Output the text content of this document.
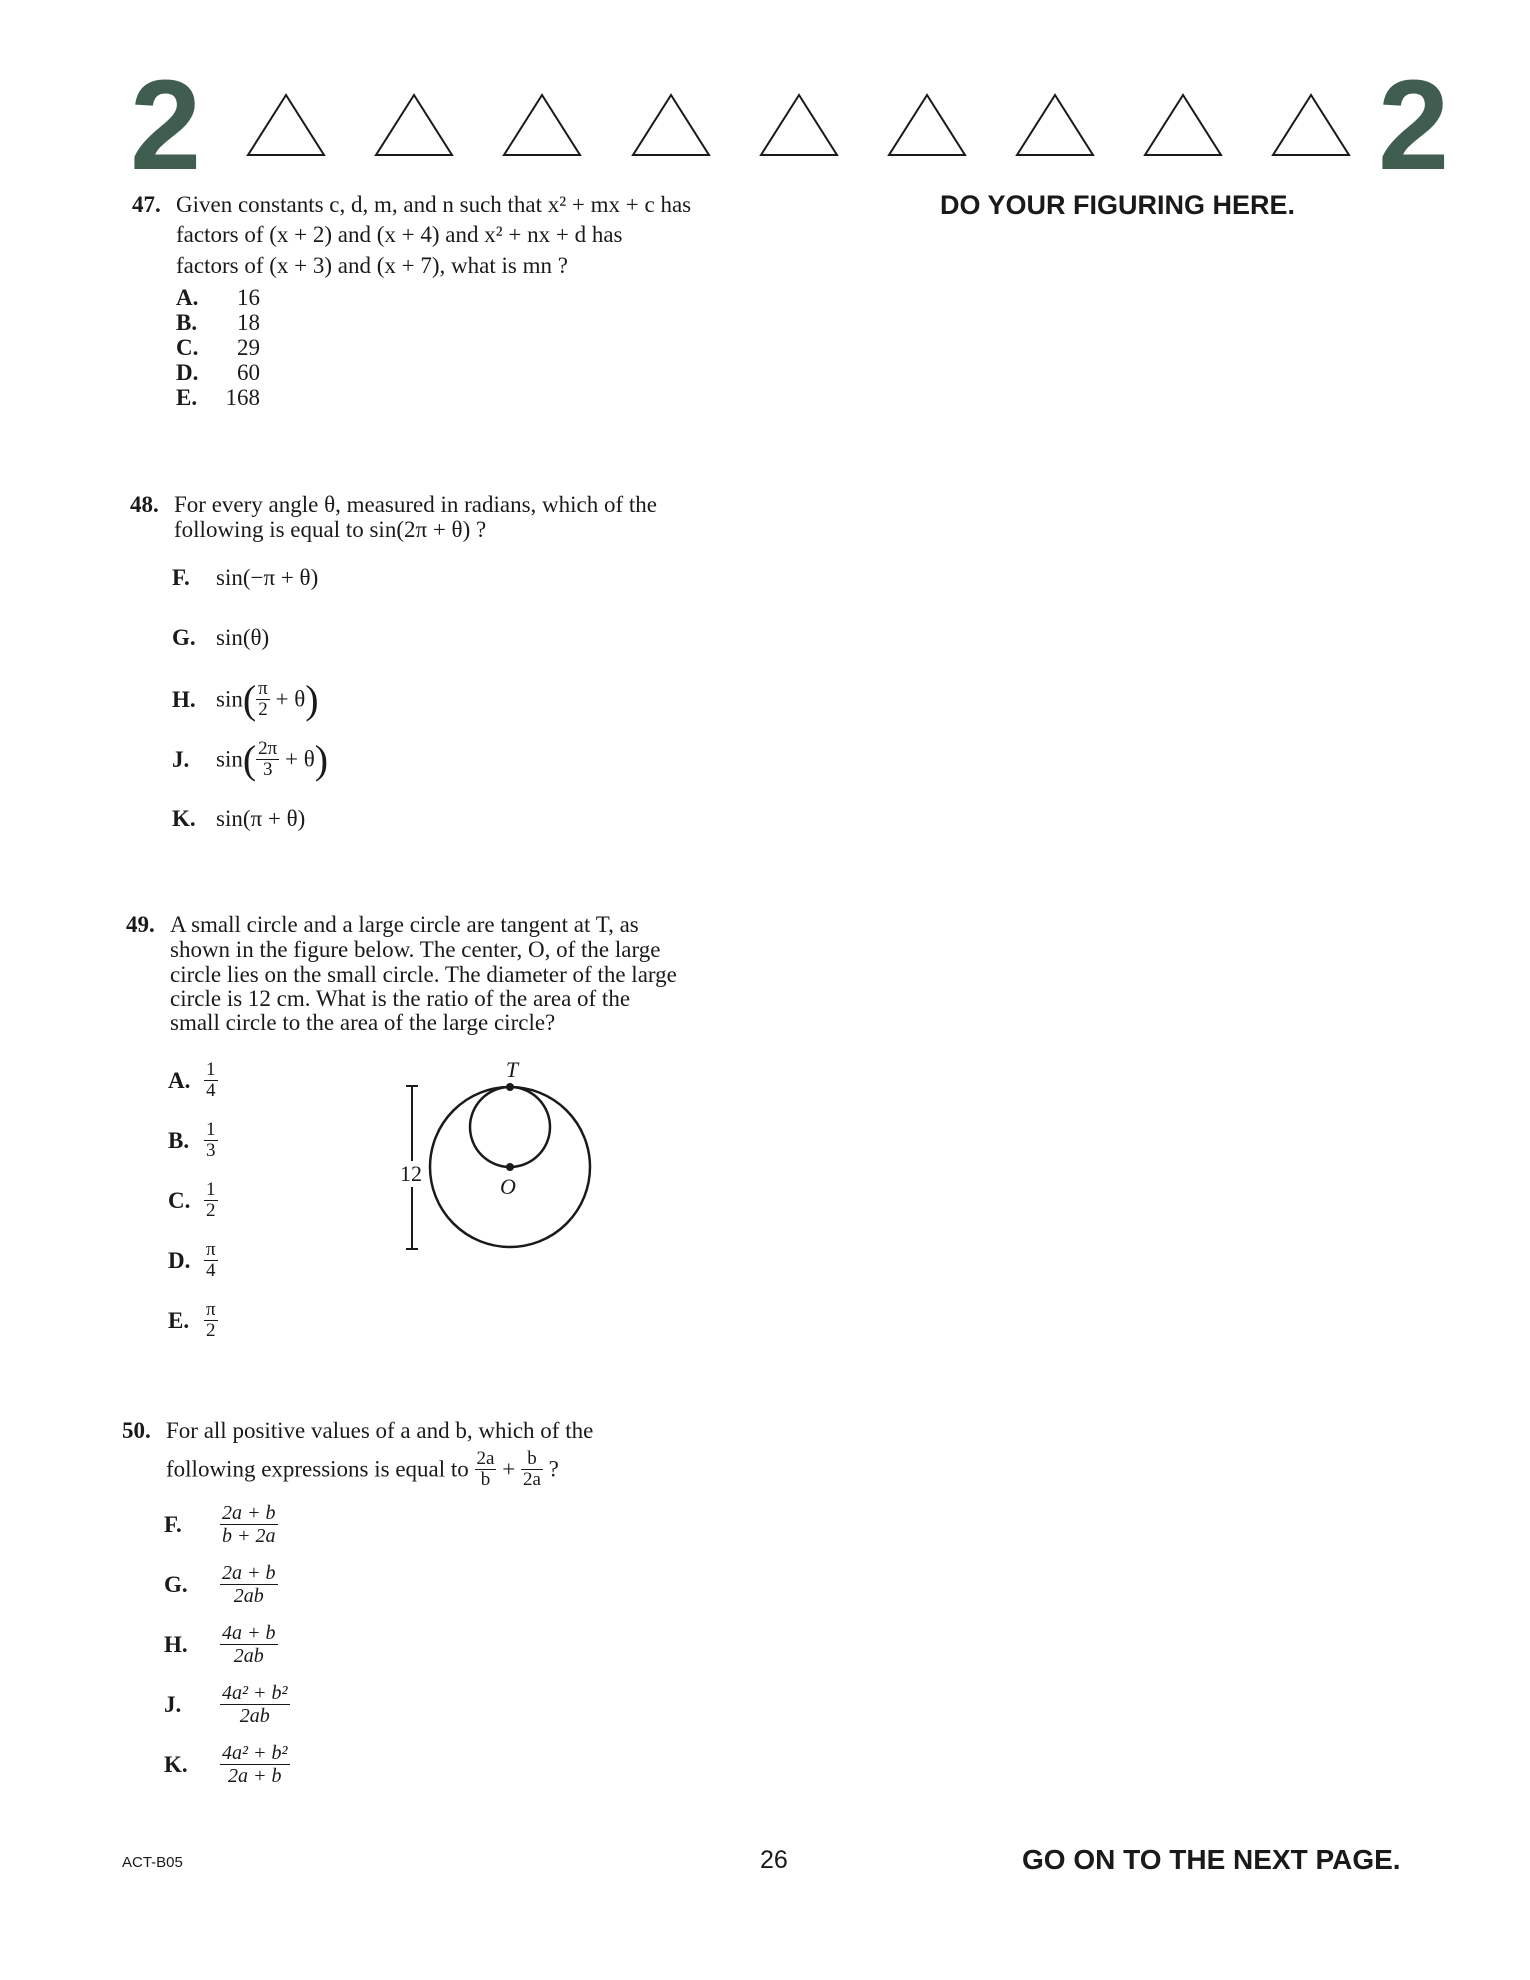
2	2
DO YOUR FIGURING HERE.
47. Given constants c, d, m, and n such that x² + mx + c has
factors of (x + 2) and (x + 4) and x² + nx + d has
factors of (x + 3) and (x + 7), what is mn ?
A. 16
B. 18
C. 29
D. 60
E. 168
48. For every angle θ, measured in radians, which of the
following is equal to sin(2π + θ) ?
F. sin(−π + θ)
G. sin(θ)
H. $\sin( \frac{\pi}{2} + \theta)$
J. $\sin( \frac{2\pi}{3} + \theta)$
K. sin(π + θ)
49. A small circle and a large circle are tangent at T, as
shown in the figure below. The center, O, of the large
circle lies on the small circle. The diameter of the large
circle is 12 cm. What is the ratio of the area of the
small circle to the area of the large circle?
A. $\frac{1}{4}$
B. $\frac{1}{3}$
C. $\frac{1}{2}$
D. $\frac{\pi}{4}$
E. $\frac{\pi}{2}$
12
T
O
50. For all positive values of a and b, which of the
following expressions is equal to $\frac{2a}{b} + \frac{b}{2a}$ ?
F. $\frac{2a + b}{b + 2a}$
G. $\frac{2a + b}{2ab}$
H. $\frac{4a + b}{2ab}$
J. $\frac{\text{4a² + b²}}{2ab}$
K. $\frac{\text{4a² + b²}}{2a + b}$
ACT-B05	26	GO ON TO THE NEXT PAGE.
